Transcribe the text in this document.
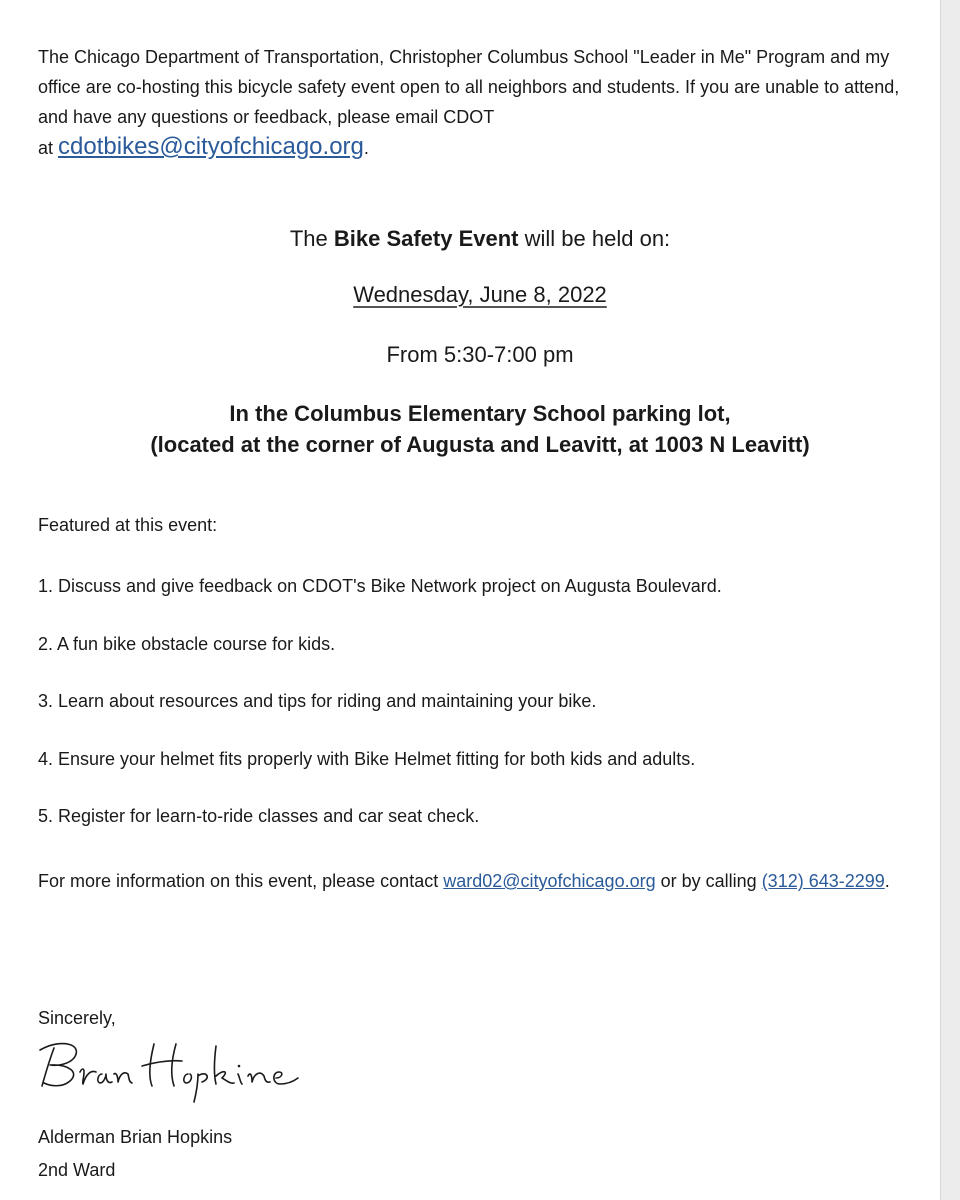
The Chicago Department of Transportation, Christopher Columbus School "Leader in Me" Program and my office are co-hosting this bicycle safety event open to all neighbors and students. If you are unable to attend, and have any questions or feedback, please email CDOT
at cdotbikes@cityofchicago.org.

The Bike Safety Event will be held on:

Wednesday, June 8, 2022

From 5:30-7:00 pm

In the Columbus Elementary School parking lot,
(located at the corner of Augusta and Leavitt, at 1003 N Leavitt)

Featured at this event:

1. Discuss and give feedback on CDOT's Bike Network project on Augusta Boulevard.
2. A fun bike obstacle course for kids.
3. Learn about resources and tips for riding and maintaining your bike.
4. Ensure your helmet fits properly with Bike Helmet fitting for both kids and adults.
5. Register for learn-to-ride classes and car seat check.

For more information on this event, please contact ward02@cityofchicago.org or by calling (312) 643-2299.

Sincerely,

Alderman Brian Hopkins

2nd Ward
